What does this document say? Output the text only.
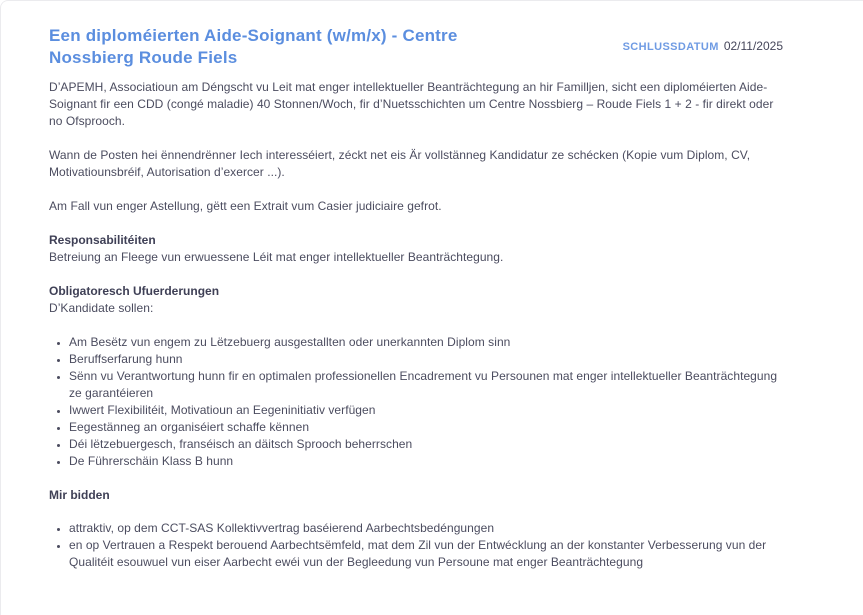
Een diploméierten Aide-Soignant (w/m/x) - Centre Nossbierg Roude Fiels
SCHLUSSDATUM 02/11/2025

D’APEMH, Associatioun am Déngscht vu Leit mat enger intellektueller Beanträchtegung an hir Familljen, sicht een diploméierten Aide-Soignant fir een CDD (congé maladie) 40 Stonnen/Woch, fir d’Nuetsschichten um Centre Nossbierg – Roude Fiels 1 + 2 - fir direkt oder no Ofsprooch.

Wann de Posten hei ënnendrënner Iech interesséiert, zéckt net eis Är vollstänneg Kandidatur ze schécken (Kopie vum Diplom, CV, Motivatiounsbréif, Autorisation d’exercer ...).

Am Fall vun enger Astellung, gëtt een Extrait vum Casier judiciaire gefrot.

Responsabilitéiten

Betreiung an Fleege vun erwuessene Léit mat enger intellektueller Beanträchtegung.

Obligatoresch Ufuerderungen

D’Kandidate sollen:

• Am Besëtz vun engem zu Lëtzebuerg ausgestallten oder unerkannten Diplom sinn
• Beruffserfarung hunn
• Sënn vu Verantwortung hunn fir en optimalen professionellen Encadrement vu Persounen mat enger intellektueller Beanträchtegung ze garantéieren
• Iwwert Flexibilitéit, Motivatioun an Eegeninitiativ verfügen
• Eegestänneg an organiséiert schaffe kënnen
• Déi lëtzebuergesch, franséisch an däitsch Sprooch beherrschen
• De Führerschäin Klass B hunn
Mir bidden
• attraktiv, op dem CCT-SAS Kollektivvertrag baséierend Aarbechtsbedéngungen
• en op Vertrauen a Respekt berouend Aarbechtsëmfeld, mat dem Zil vun der Entwécklung an der konstanter Verbesserung vun der Qualitéit esouwuel vun eiser Aarbecht ewéi vun der Begleedung vun Persoune mat enger Beanträchtegung
